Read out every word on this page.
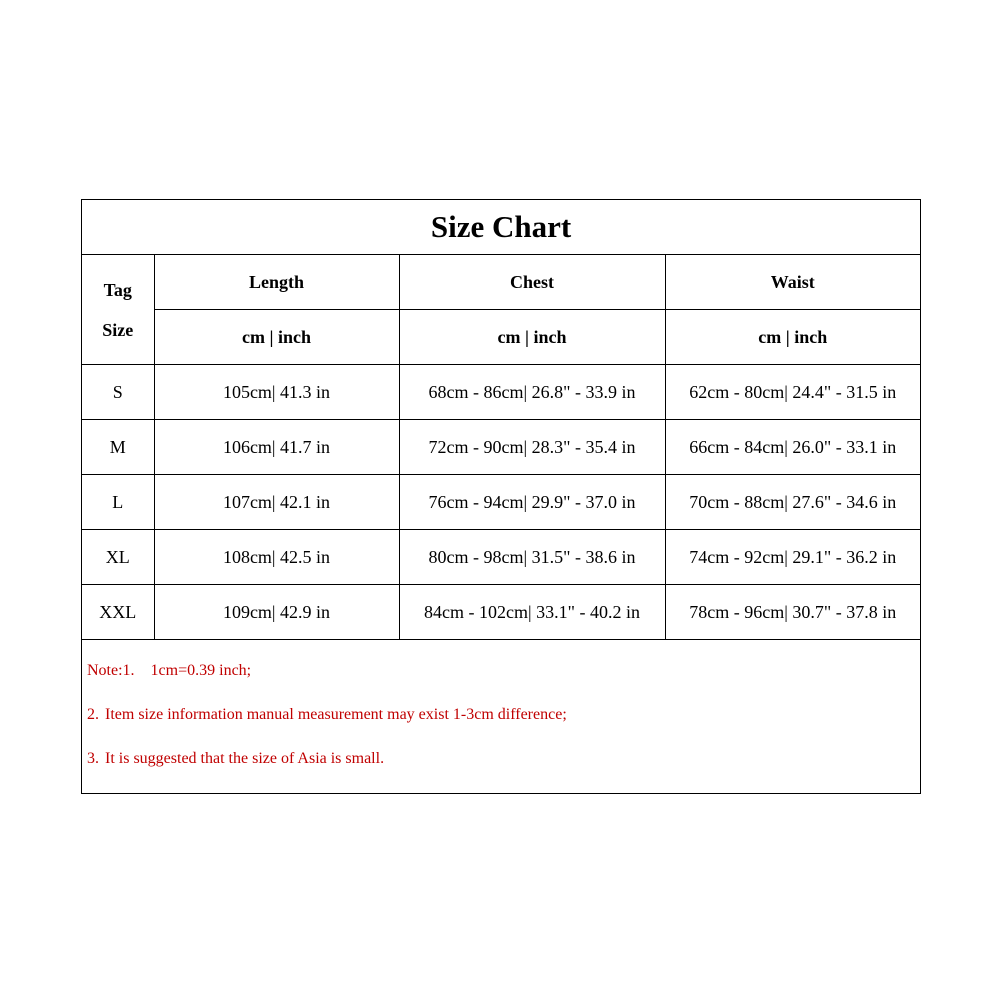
Size Chart			

Tag
Size	Length	Chest	Waist
	cm | inch	cm | inch	cm | inch
S	105cm| 41.3 in	68cm - 86cm| 26.8" - 33.9 in	62cm - 80cm| 24.4" - 31.5 in
M	106cm| 41.7 in	72cm - 90cm| 28.3" - 35.4 in	66cm - 84cm| 26.0" - 33.1 in
L	107cm| 42.1 in	76cm - 94cm| 29.9" - 37.0 in	70cm - 88cm| 27.6" - 34.6 in
XL	108cm| 42.5 in	80cm - 98cm| 31.5" - 38.6 in	74cm - 92cm| 29.1" - 36.2 in
XXL	109cm| 42.9 in	84cm - 102cm| 33.1" - 40.2 in	78cm - 96cm| 30.7" - 37.8 in
Note:1. 1cm=0.39 inch;
2. Item size information manual measurement may exist 1-3cm difference;
3. It is suggested that the size of Asia is small.
